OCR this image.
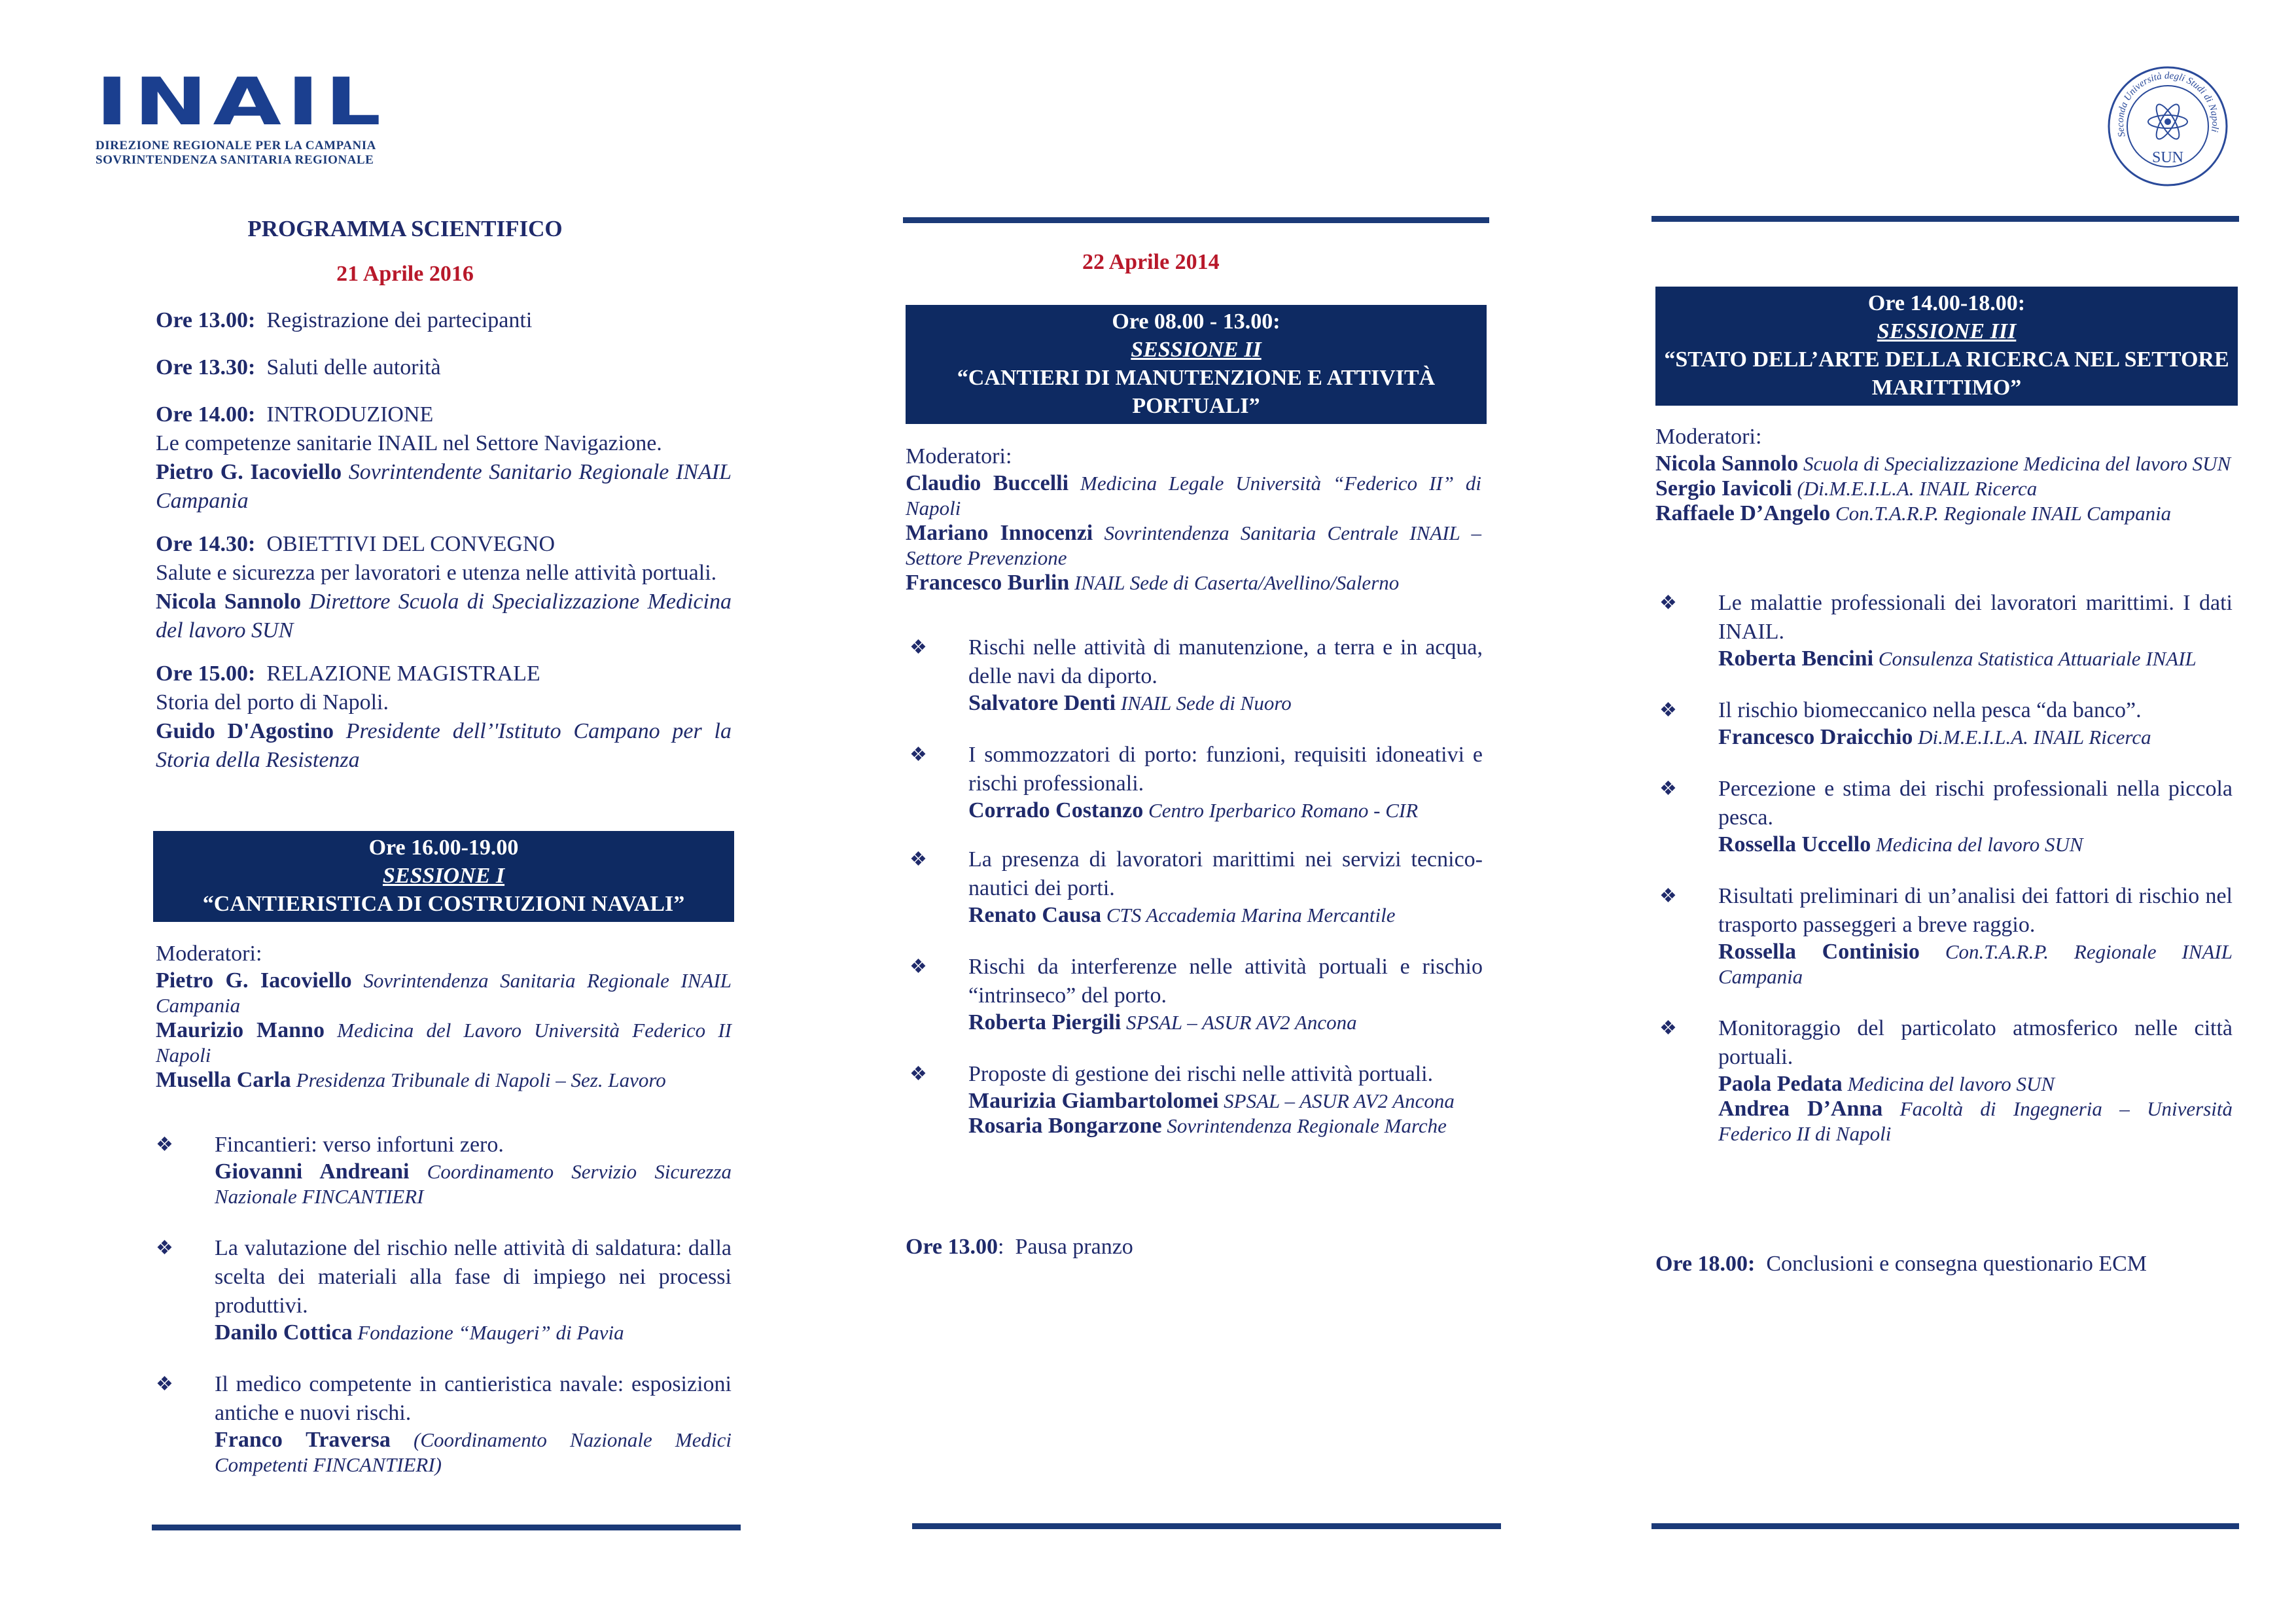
INAIL
DIREZIONE REGIONALE PER LA CAMPANIA
SOVRINTENDENZA SANITARIA REGIONALE
Seconda Università degli Studi di Napoli
SUN
PROGRAMMA SCIENTIFICO
21 Aprile 2016
Ore 13.00: Registrazione dei partecipanti
Ore 13.30: Saluti delle autorità
Ore 14.00: INTRODUZIONE
Le competenze sanitarie INAIL nel Settore Navigazione.
Pietro G. Iacoviello Sovrintendente Sanitario Regionale INAIL Campania
Ore 14.30: OBIETTIVI DEL CONVEGNO
Salute e sicurezza per lavoratori e utenza nelle attività portuali.
Nicola Sannolo Direttore Scuola di Specializzazione Medicina del lavoro SUN
Ore 15.00: RELAZIONE MAGISTRALE
Storia del porto di Napoli.
Guido D'Agostino Presidente dell’'Istituto Campano per la Storia della Resistenza
Ore 16.00-19.00
SESSIONE I
“CANTIERISTICA DI COSTRUZIONI NAVALI”
Moderatori:
Pietro G. Iacoviello Sovrintendenza Sanitaria Regionale INAIL Campania
Maurizio Manno Medicina del Lavoro Università Federico II Napoli
Musella Carla Presidenza Tribunale di Napoli – Sez. Lavoro
❖ Fincantieri: verso infortuni zero.
Giovanni Andreani Coordinamento Servizio Sicurezza Nazionale FINCANTIERI
❖ La valutazione del rischio nelle attività di saldatura: dalla scelta dei materiali alla fase di impiego nei processi produttivi.
Danilo Cottica Fondazione “Maugeri” di Pavia
❖ Il medico competente in cantieristica navale: esposizioni antiche e nuovi rischi.
Franco Traversa (Coordinamento Nazionale Medici Competenti FINCANTIERI)
22 Aprile 2014
Ore 08.00 - 13.00:
SESSIONE II
“CANTIERI DI MANUTENZIONE E ATTIVITÀ PORTUALI”
Moderatori:
Claudio Buccelli Medicina Legale Università “Federico II” di Napoli
Mariano Innocenzi Sovrintendenza Sanitaria Centrale INAIL – Settore Prevenzione
Francesco Burlin INAIL Sede di Caserta/Avellino/Salerno
❖ Rischi nelle attività di manutenzione, a terra e in acqua, delle navi da diporto.
Salvatore Denti INAIL Sede di Nuoro
❖ I sommozzatori di porto: funzioni, requisiti idoneativi e rischi professionali.
Corrado Costanzo Centro Iperbarico Romano - CIR
❖ La presenza di lavoratori marittimi nei servizi tecnico-nautici dei porti.
Renato Causa CTS Accademia Marina Mercantile
❖ Rischi da interferenze nelle attività portuali e rischio “intrinseco” del porto.
Roberta Piergili SPSAL – ASUR AV2 Ancona
❖ Proposte di gestione dei rischi nelle attività portuali.
Maurizia Giambartolomei SPSAL – ASUR AV2 Ancona
Rosaria Bongarzone Sovrintendenza Regionale Marche
Ore 13.00:  Pausa pranzo
Ore 14.00-18.00:
SESSIONE III
“STATO DELL’ARTE DELLA RICERCA NEL SETTORE MARITTIMO”
Moderatori:
Nicola Sannolo Scuola di Specializzazione Medicina del lavoro SUN
Sergio Iavicoli (Di.M.E.I.L.A. INAIL Ricerca
Raffaele D’Angelo Con.T.A.R.P. Regionale INAIL Campania
❖ Le malattie professionali dei lavoratori marittimi. I dati INAIL.
Roberta Bencini Consulenza Statistica Attuariale INAIL
❖ Il rischio biomeccanico nella pesca “da banco”.
Francesco Draicchio Di.M.E.I.L.A. INAIL Ricerca
❖ Percezione e stima dei rischi professionali nella piccola pesca.
Rossella Uccello Medicina del lavoro SUN
❖ Risultati preliminari di un’analisi dei fattori di rischio nel trasporto passeggeri a breve raggio.
Rossella Continisio Con.T.A.R.P. Regionale INAIL Campania
❖ Monitoraggio del particolato atmosferico nelle città portuali.
Paola Pedata Medicina del lavoro SUN
Andrea D’Anna Facoltà di Ingegneria – Università Federico II di Napoli
Ore 18.00: Conclusioni e consegna questionario ECM
